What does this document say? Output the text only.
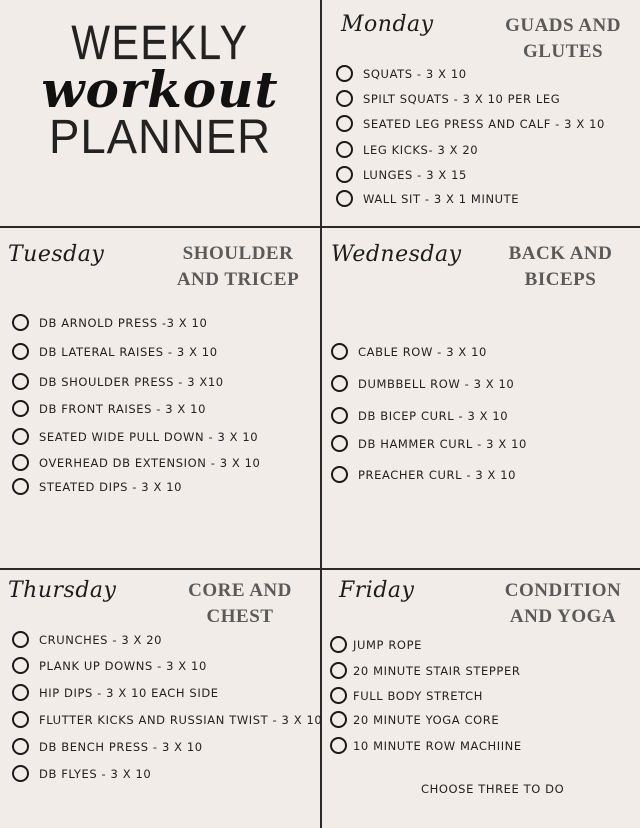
WEEKLY
workout
PLANNER
Monday	GUADS AND
GLUTES
SQUATS - 3 X 10
SPILT SQUATS - 3 X 10 PER LEG
SEATED LEG PRESS AND CALF - 3 X 10
LEG KICKS- 3 X 20
LUNGES - 3 X 15
WALL SIT - 3 X 1 MINUTE
Tuesday	SHOULDER
AND TRICEP
DB ARNOLD PRESS -3 X 10
DB LATERAL RAISES - 3 X 10
DB SHOULDER PRESS - 3 X10
DB FRONT RAISES - 3 X 10
SEATED WIDE PULL DOWN - 3 X 10
OVERHEAD DB EXTENSION - 3 X 10
STEATED DIPS - 3 X 10
Wednesday	BACK AND
BICEPS
CABLE ROW - 3 X 10
DUMBBELL ROW - 3 X 10
DB BICEP CURL - 3 X 10
DB HAMMER CURL - 3 X 10
PREACHER CURL - 3 X 10
Thursday	CORE AND
CHEST
CRUNCHES - 3 X 20
PLANK UP DOWNS - 3 X 10
HIP DIPS - 3 X 10 EACH SIDE
FLUTTER KICKS AND RUSSIAN TWIST - 3 X 10
DB BENCH PRESS - 3 X 10
DB FLYES - 3 X 10
Friday	CONDITION
AND YOGA
JUMP ROPE
20 MINUTE STAIR STEPPER
FULL BODY STRETCH
20 MINUTE YOGA CORE
10 MINUTE ROW MACHIINE
CHOOSE THREE TO DO
